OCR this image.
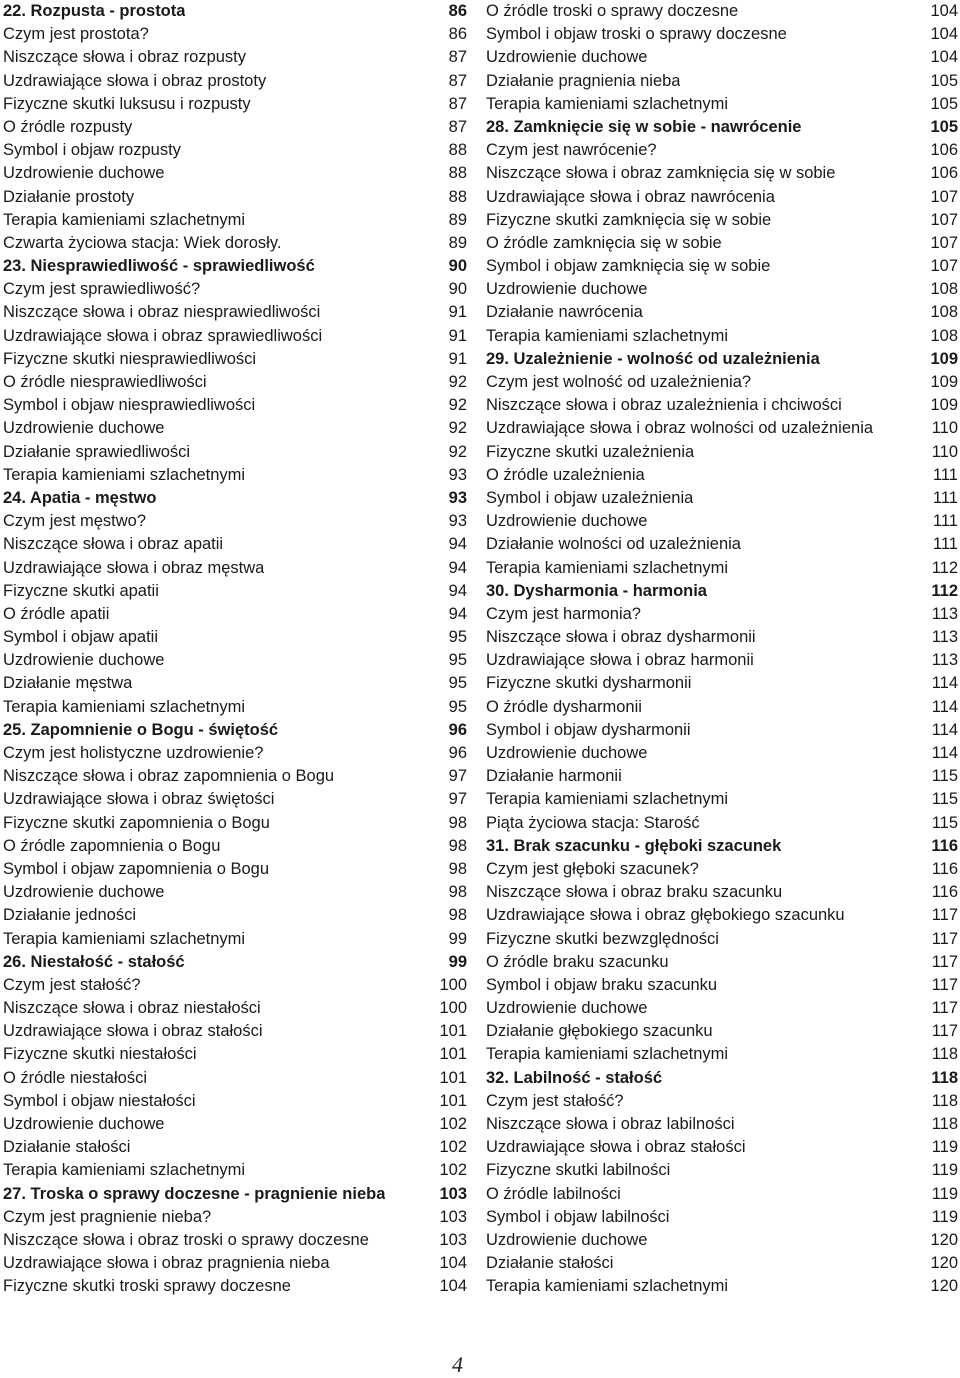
22. Rozpusta - prostota	86
Czym jest prostota?	86
Niszczące słowa i obraz rozpusty	87
Uzdrawiające słowa i obraz prostoty	87
Fizyczne skutki luksusu i rozpusty	87
O źródle rozpusty	87
Symbol i objaw rozpusty	88
Uzdrowienie duchowe	88
Działanie prostoty	88
Terapia kamieniami szlachetnymi	89
Czwarta życiowa stacja: Wiek dorosły.	89
23. Niesprawiedliwość - sprawiedliwość	90
Czym jest sprawiedliwość?	90
Niszczące słowa i obraz niesprawiedliwości	91
Uzdrawiające słowa i obraz sprawiedliwości	91
Fizyczne skutki niesprawiedliwości	91
O źródle niesprawiedliwości	92
Symbol i objaw niesprawiedliwości	92
Uzdrowienie duchowe	92
Działanie sprawiedliwości	92
Terapia kamieniami szlachetnymi	93
24. Apatia - męstwo	93
Czym jest męstwo?	93
Niszczące słowa i obraz apatii	94
Uzdrawiające słowa i obraz męstwa	94
Fizyczne skutki apatii	94
O źródle apatii	94
Symbol i objaw apatii	95
Uzdrowienie duchowe	95
Działanie męstwa	95
Terapia kamieniami szlachetnymi	95
25. Zapomnienie o Bogu - świętość	96
Czym jest holistyczne uzdrowienie?	96
Niszczące słowa i obraz zapomnienia o Bogu	97
Uzdrawiające słowa i obraz świętości	97
Fizyczne skutki zapomnienia o Bogu	98
O źródle zapomnienia o Bogu	98
Symbol i objaw zapomnienia o Bogu	98
Uzdrowienie duchowe	98
Działanie jedności	98
Terapia kamieniami szlachetnymi	99
26. Niestałość - stałość	99
Czym jest stałość?	100
Niszczące słowa i obraz niestałości	100
Uzdrawiające słowa i obraz stałości	101
Fizyczne skutki niestałości	101
O źródle niestałości	101
Symbol i objaw niestałości	101
Uzdrowienie duchowe	102
Działanie stałości	102
Terapia kamieniami szlachetnymi	102
27. Troska o sprawy doczesne - pragnienie nieba	103
Czym jest pragnienie nieba?	103
Niszczące słowa i obraz troski o sprawy doczesne	103
Uzdrawiające słowa i obraz pragnienia nieba	104
Fizyczne skutki troski sprawy doczesne	104
O źródle troski o sprawy doczesne	104
Symbol i objaw troski o sprawy doczesne	104
Uzdrowienie duchowe	104
Działanie pragnienia nieba	105
Terapia kamieniami szlachetnymi	105
28. Zamknięcie się w sobie - nawrócenie	105
Czym jest nawrócenie?	106
Niszczące słowa i obraz zamknięcia się w sobie	106
Uzdrawiające słowa i obraz nawrócenia	107
Fizyczne skutki zamknięcia się w sobie	107
O źródle zamknięcia się w sobie	107
Symbol i objaw zamknięcia się w sobie	107
Uzdrowienie duchowe	108
Działanie nawrócenia	108
Terapia kamieniami szlachetnymi	108
29. Uzależnienie - wolność od uzależnienia	109
Czym jest wolność od uzależnienia?	109
Niszczące słowa i obraz uzależnienia i chciwości	109
Uzdrawiające słowa i obraz wolności od uzależnienia	110
Fizyczne skutki uzależnienia	110
O źródle uzależnienia	111
Symbol i objaw uzależnienia	111
Uzdrowienie duchowe	111
Działanie wolności od uzależnienia	111
Terapia kamieniami szlachetnymi	112
30. Dysharmonia - harmonia	112
Czym jest harmonia?	113
Niszczące słowa i obraz dysharmonii	113
Uzdrawiające słowa i obraz harmonii	113
Fizyczne skutki dysharmonii	114
O źródle dysharmonii	114
Symbol i objaw dysharmonii	114
Uzdrowienie duchowe	114
Działanie harmonii	115
Terapia kamieniami szlachetnymi	115
Piąta życiowa stacja: Starość	115
31. Brak szacunku - głęboki szacunek	116
Czym jest głęboki szacunek?	116
Niszczące słowa i obraz braku szacunku	116
Uzdrawiające słowa i obraz głębokiego szacunku	117
Fizyczne skutki bezwzględności	117
O źródle braku szacunku	117
Symbol i objaw braku szacunku	117
Uzdrowienie duchowe	117
Działanie głębokiego szacunku	117
Terapia kamieniami szlachetnymi	118
32. Labilność - stałość	118
Czym jest stałość?	118
Niszczące słowa i obraz labilności	118
Uzdrawiające słowa i obraz stałości	119
Fizyczne skutki labilności	119
O źródle labilności	119
Symbol i objaw labilności	119
Uzdrowienie duchowe	120
Działanie stałości	120
Terapia kamieniami szlachetnymi	120
4
